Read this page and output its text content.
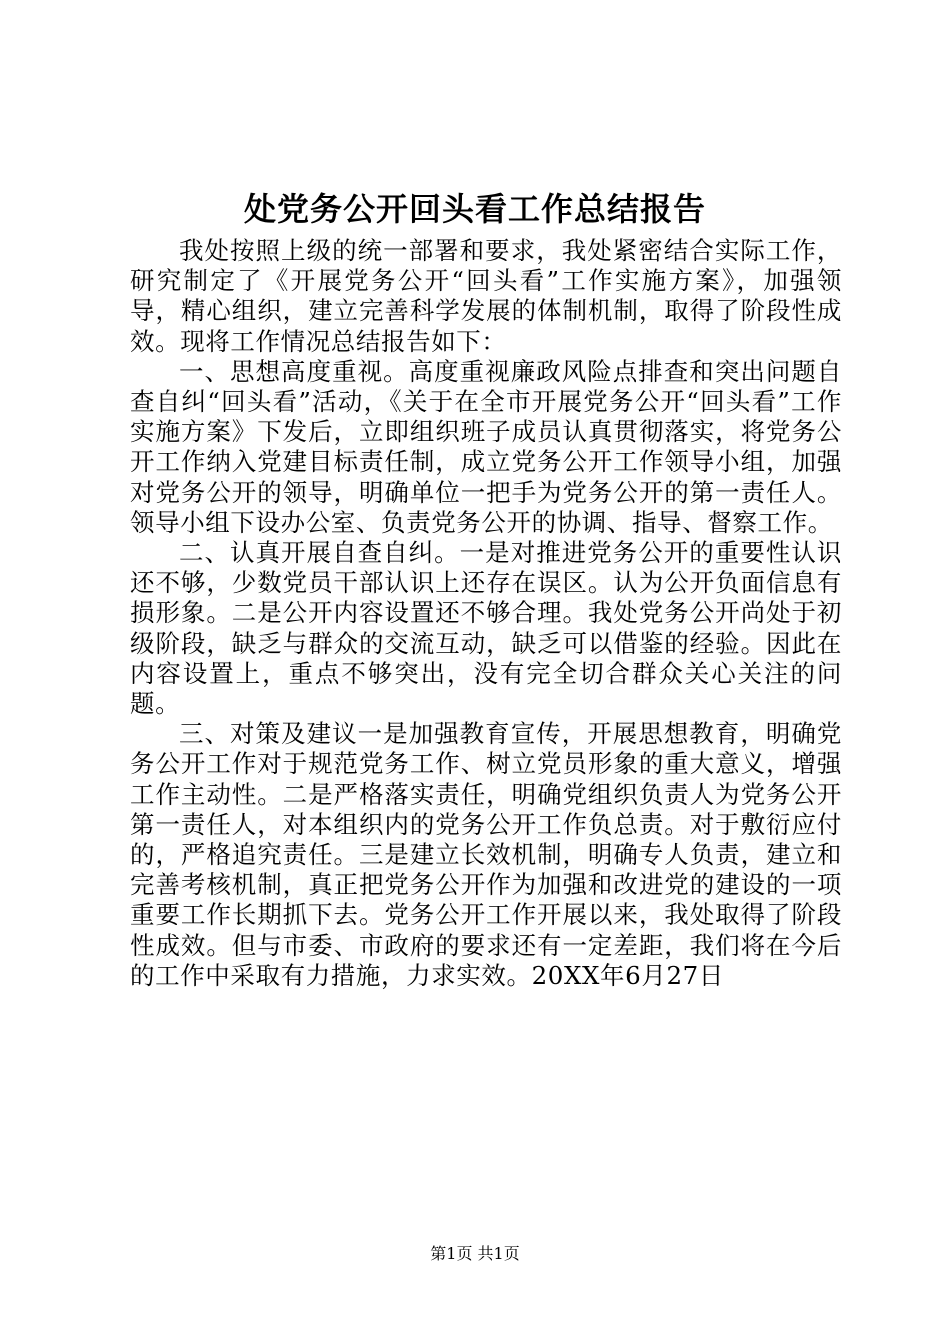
处党务公开回头看工作总结报告

我处按照上级的统一部署和要求，我处紧密结合实际工作，研究制定了《开展党务公开“回头看”工作实施方案》，加强领导，精心组织，建立完善科学发展的体制机制，取得了阶段性成效。现将工作情况总结报告如下：

一、思想高度重视。高度重视廉政风险点排查和突出问题自查自纠“回头看”活动，《关于在全市开展党务公开“回头看”工作实施方案》下发后，立即组织班子成员认真贯彻落实，将党务公开工作纳入党建目标责任制，成立党务公开工作领导小组，加强对党务公开的领导，明确单位一把手为党务公开的第一责任人。领导小组下设办公室、负责党务公开的协调、指导、督察工作。

二、认真开展自查自纠。一是对推进党务公开的重要性认识还不够，少数党员干部认识上还存在误区。认为公开负面信息有损形象。二是公开内容设置还不够合理。我处党务公开尚处于初级阶段，缺乏与群众的交流互动，缺乏可以借鉴的经验。因此在内容设置上，重点不够突出，没有完全切合群众关心关注的问题。

三、对策及建议一是加强教育宣传，开展思想教育，明确党务公开工作对于规范党务工作、树立党员形象的重大意义，增强工作主动性。二是严格落实责任，明确党组织负责人为党务公开第一责任人，对本组织内的党务公开工作负总责。对于敷衍应付的，严格追究责任。三是建立长效机制，明确专人负责，建立和完善考核机制，真正把党务公开作为加强和改进党的建设的一项重要工作长期抓下去。党务公开工作开展以来，我处取得了阶段性成效。但与市委、市政府的要求还有一定差距，我们将在今后的工作中采取有力措施，力求实效。20XX年6月27日

第1页 共1页
